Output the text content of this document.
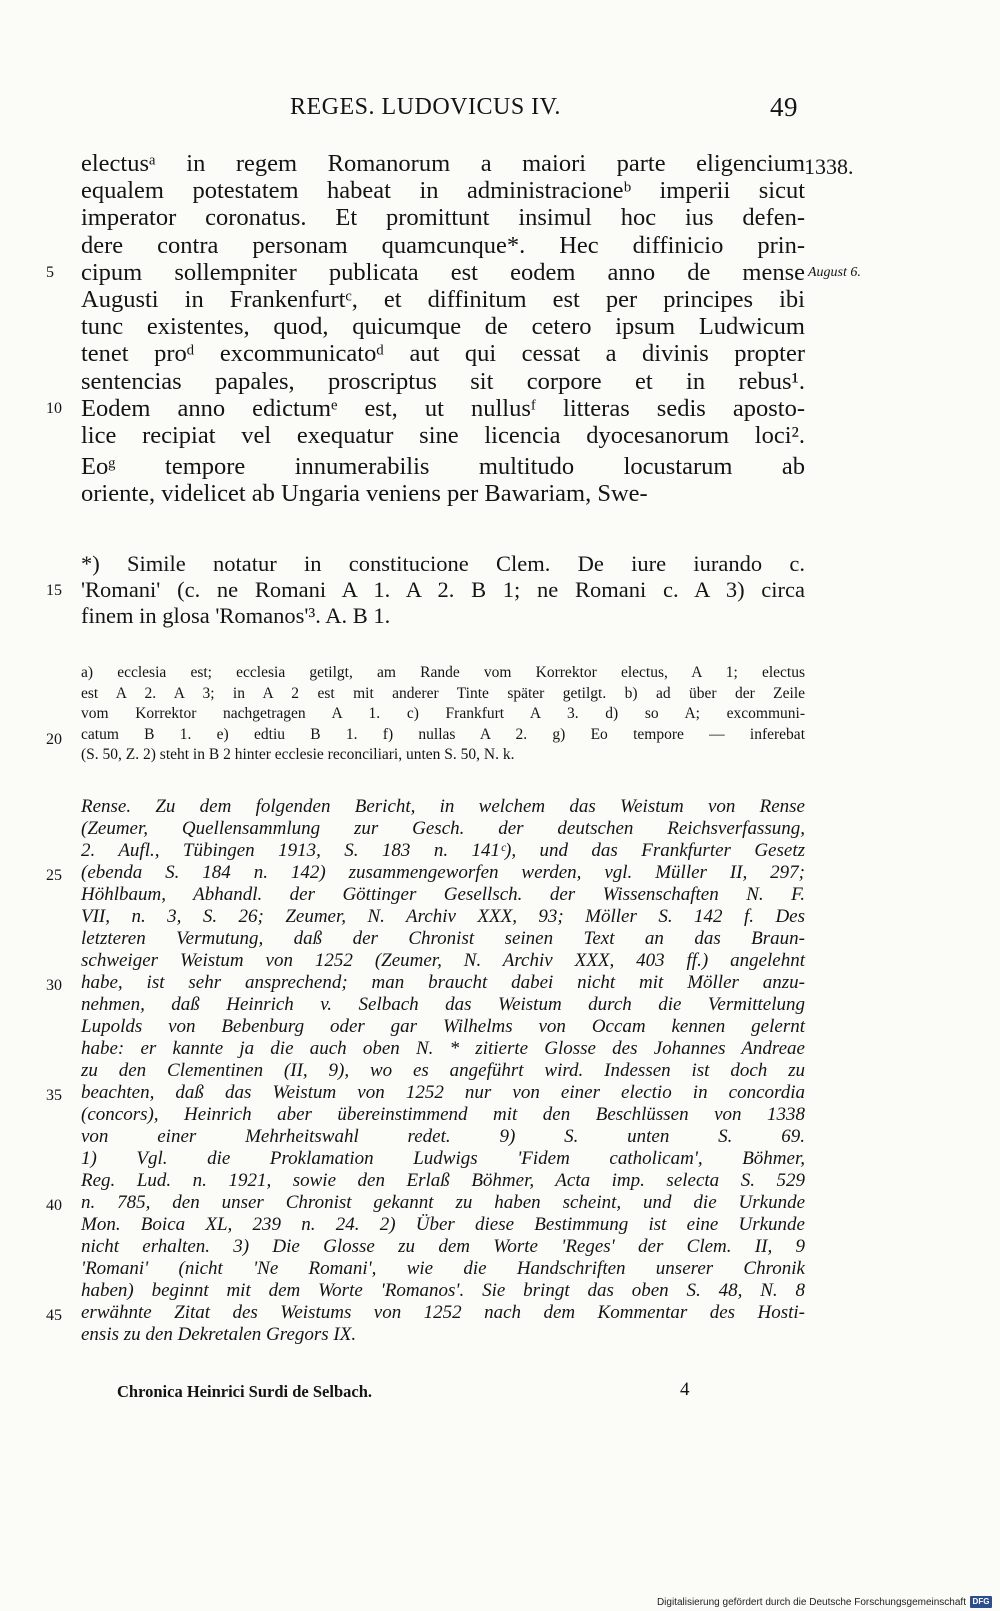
REGES. LUDOVICUS IV.	49
1338.
August 6.
electusᵃ in regem Romanorum a maiori parte eligencium
equalem potestatem habeat in administracioneᵇ imperii sicut
imperator coronatus. Et promittunt insimul hoc ius defen-
dere contra personam quamcunque*. Hec diffinicio prin-
cipum sollempniter publicata est eodem anno de mense
5
Augusti in Frankenfurtᶜ, et diffinitum est per principes ibi
tunc existentes, quod, quicumque de cetero ipsum Ludwicum
tenet proᵈ excommunicatoᵈ aut qui cessat a divinis propter
sentencias papales, proscriptus sit corpore et in rebus¹.
Eodem anno edictumᵉ est, ut nullusᶠ litteras sedis aposto-
10
lice recipiat vel exequatur sine licencia dyocesanorum loci².
Eoᵍ tempore innumerabilis multitudo locustarum ab
oriente, videlicet ab Ungaria veniens per Bawariam, Swe-
*) Simile notatur in constitucione Clem. De iure iurando c.
'Romani' (c. ne Romani A 1. A 2. B 1; ne Romani c. A 3) circa
15
finem in glosa 'Romanos'³. A. B 1.
a) ecclesia est; ecclesia getilgt, am Rande vom Korrektor electus, A 1; electus
est A 2. A 3; in A 2 est mit anderer Tinte später getilgt. b) ad über der Zeile
vom Korrektor nachgetragen A 1. c) Frankfurt A 3. d) so A; excommuni-
catum B 1. e) edtiu B 1. f) nullas A 2. g) Eo tempore — inferebat
20
(S. 50, Z. 2) steht in B 2 hinter ecclesie reconciliari, unten S. 50, N. k.
Rense. Zu dem folgenden Bericht, in welchem das Weistum von Rense
(Zeumer, Quellensammlung zur Gesch. der deutschen Reichsverfassung,
2. Aufl., Tübingen 1913, S. 183 n. 141ᶜ), und das Frankfurter Gesetz
(ebenda S. 184 n. 142) zusammengeworfen werden, vgl. Müller II, 297;
25
Höhlbaum, Abhandl. der Göttinger Gesellsch. der Wissenschaften N. F.
VII, n. 3, S. 26; Zeumer, N. Archiv XXX, 93; Möller S. 142 f. Des
letzteren Vermutung, daß der Chronist seinen Text an das Braun-
schweiger Weistum von 1252 (Zeumer, N. Archiv XXX, 403 ff.) angelehnt
habe, ist sehr ansprechend; man braucht dabei nicht mit Möller anzu-
30
nehmen, daß Heinrich v. Selbach das Weistum durch die Vermittelung
Lupolds von Bebenburg oder gar Wilhelms von Occam kennen gelernt
habe: er kannte ja die auch oben N. * zitierte Glosse des Johannes Andreae
zu den Clementinen (II, 9), wo es angeführt wird. Indessen ist doch zu
beachten, daß das Weistum von 1252 nur von einer electio in concordia
35
(concors), Heinrich aber übereinstimmend mit den Beschlüssen von 1338
von einer Mehrheitswahl redet. 9) S. unten S. 69.
1) Vgl. die Proklamation Ludwigs 'Fidem catholicam', Böhmer,
Reg. Lud. n. 1921, sowie den Erlaß Böhmer, Acta imp. selecta S. 529
n. 785, den unser Chronist gekannt zu haben scheint, und die Urkunde
40
Mon. Boica XL, 239 n. 24. 2) Über diese Bestimmung ist eine Urkunde
nicht erhalten. 3) Die Glosse zu dem Worte 'Reges' der Clem. II, 9
'Romani' (nicht 'Ne Romani', wie die Handschriften unserer Chronik
haben) beginnt mit dem Worte 'Romanos'. Sie bringt das oben S. 48, N. 8
erwähnte Zitat des Weistums von 1252 nach dem Kommentar des Hosti-
45
ensis zu den Dekretalen Gregors IX.
Chronica Heinrici Surdi de Selbach.	4
Digitalisierung gefördert durch die Deutsche Forschungsgemeinschaft DFG
